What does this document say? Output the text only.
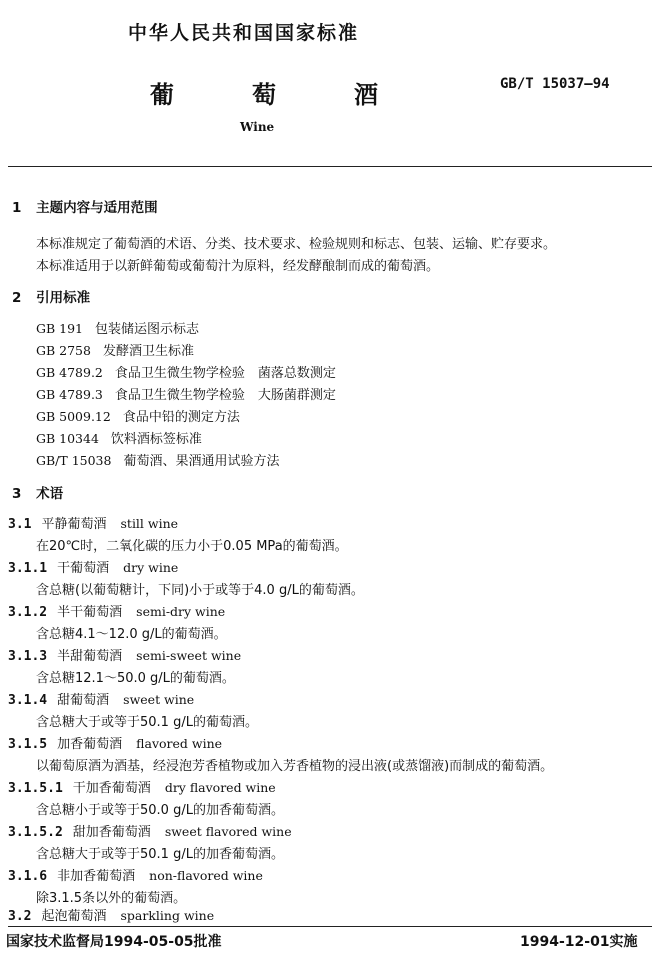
中华人民共和国国家标准
葡萄酒	GB/T 15037—94
Wine
1 主题内容与适用范围
本标准规定了葡萄酒的术语、分类、技术要求、检验规则和标志、包装、运输、贮存要求。
本标准适用于以新鲜葡萄或葡萄汁为原料，经发酵酿制而成的葡萄酒。
2 引用标准
GB 191 包装储运图示标志
GB 2758 发酵酒卫生标准
GB 4789.2 食品卫生微生物学检验　菌落总数测定
GB 4789.3 食品卫生微生物学检验　大肠菌群测定
GB 5009.12 食品中铅的测定方法
GB 10344 饮料酒标签标准
GB/T 15038 葡萄酒、果酒通用试验方法
3 术语
3.1 平静葡萄酒 still wine
在20℃时，二氧化碳的压力小于0.05 MPa的葡萄酒。
3.1.1 干葡萄酒 dry wine
含总糖(以葡萄糖计，下同)小于或等于4.0 g/L的葡萄酒。
3.1.2 半干葡萄酒 semi-dry wine
含总糖4.1～12.0 g/L的葡萄酒。
3.1.3 半甜葡萄酒 semi-sweet wine
含总糖12.1～50.0 g/L的葡萄酒。
3.1.4 甜葡萄酒 sweet wine
含总糖大于或等于50.1 g/L的葡萄酒。
3.1.5 加香葡萄酒 flavored wine
以葡萄原酒为酒基，经浸泡芳香植物或加入芳香植物的浸出液(或蒸馏液)而制成的葡萄酒。
3.1.5.1 干加香葡萄酒 dry flavored wine
含总糖小于或等于50.0 g/L的加香葡萄酒。
3.1.5.2 甜加香葡萄酒 sweet flavored wine
含总糖大于或等于50.1 g/L的加香葡萄酒。
3.1.6 非加香葡萄酒 non-flavored wine
除3.1.5条以外的葡萄酒。
3.2 起泡葡萄酒 sparkling wine
国家技术监督局1994-05-05批准	1994-12-01实施
